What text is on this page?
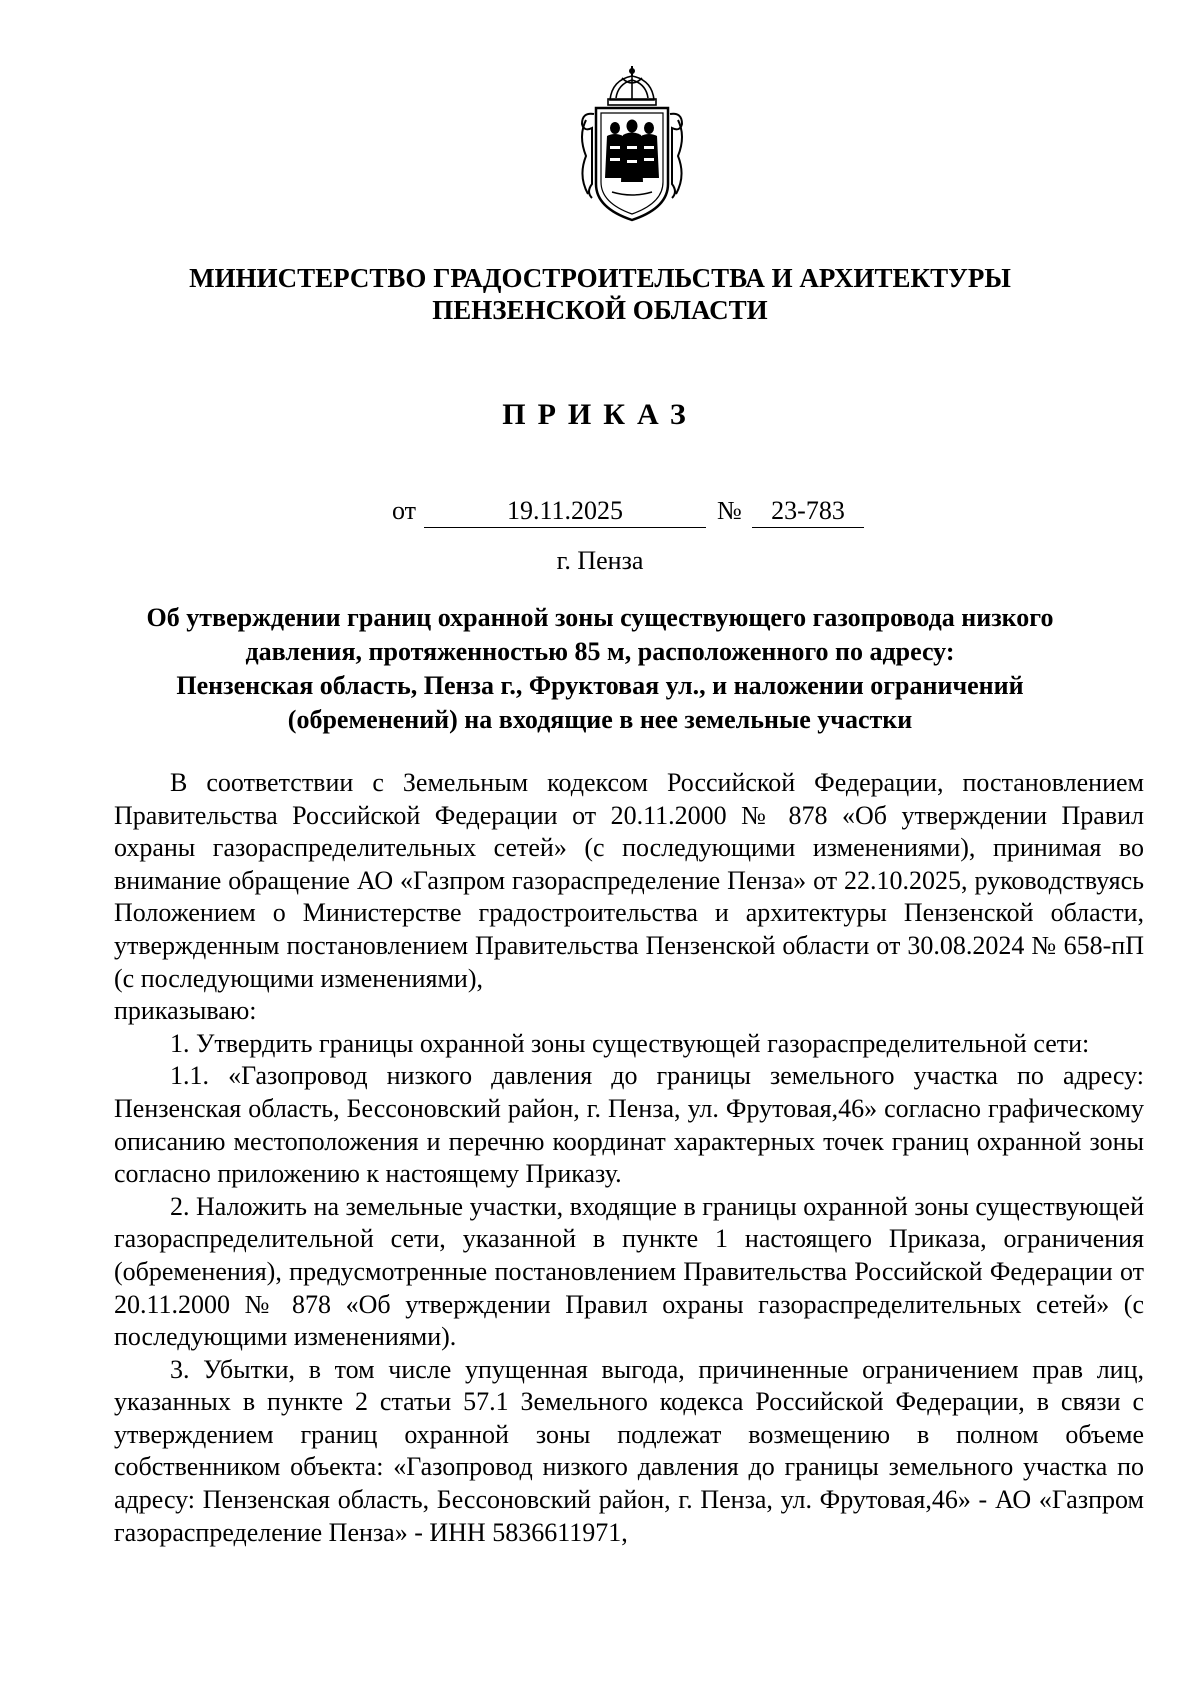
МИНИСТЕРСТВО ГРАДОСТРОИТЕЛЬСТВА И АРХИТЕКТУРЫ
ПЕНЗЕНСКОЙ ОБЛАСТИ
ПРИКАЗ
от	19.11.2025	№	23-783
г. Пенза
Об утверждении границ охранной зоны существующего газопровода низкого
давления, протяженностью 85 м, расположенного по адресу:
Пензенская область, Пенза г., Фруктовая ул., и наложении ограничений
(обременений) на входящие в нее земельные участки

В соответствии с Земельным кодексом Российской Федерации, постановлением Правительства Российской Федерации от 20.11.2000 № 878 «Об утверждении Правил охраны газораспределительных сетей» (с последующими изменениями), принимая во внимание обращение АО «Газпром газораспределение Пенза» от 22.10.2025, руководствуясь Положением о Министерстве градостроительства и архитектуры Пензенской области, утвержденным постановлением Правительства Пензенской области от 30.08.2024 № 658-пП (с последующими изменениями),

приказываю:

1. Утвердить границы охранной зоны существующей газораспределительной сети:

1.1. «Газопровод низкого давления до границы земельного участка по адресу: Пензенская область, Бессоновский район, г. Пенза, ул. Фрутовая,46» согласно графическому описанию местоположения и перечню координат характерных точек границ охранной зоны согласно приложению к настоящему Приказу.

2. Наложить на земельные участки, входящие в границы охранной зоны существующей газораспределительной сети, указанной в пункте 1 настоящего Приказа, ограничения (обременения), предусмотренные постановлением Правительства Российской Федерации от 20.11.2000 № 878 «Об утверждении Правил охраны газораспределительных сетей» (с последующими изменениями).

3. Убытки, в том числе упущенная выгода, причиненные ограничением прав лиц, указанных в пункте 2 статьи 57.1 Земельного кодекса Российской Федерации, в связи с утверждением границ охранной зоны подлежат возмещению в полном объеме собственником объекта: «Газопровод низкого давления до границы земельного участка по адресу: Пензенская область, Бессоновский район, г. Пенза, ул. Фрутовая,46» - АО «Газпром газораспределение Пенза» - ИНН 5836611971,
